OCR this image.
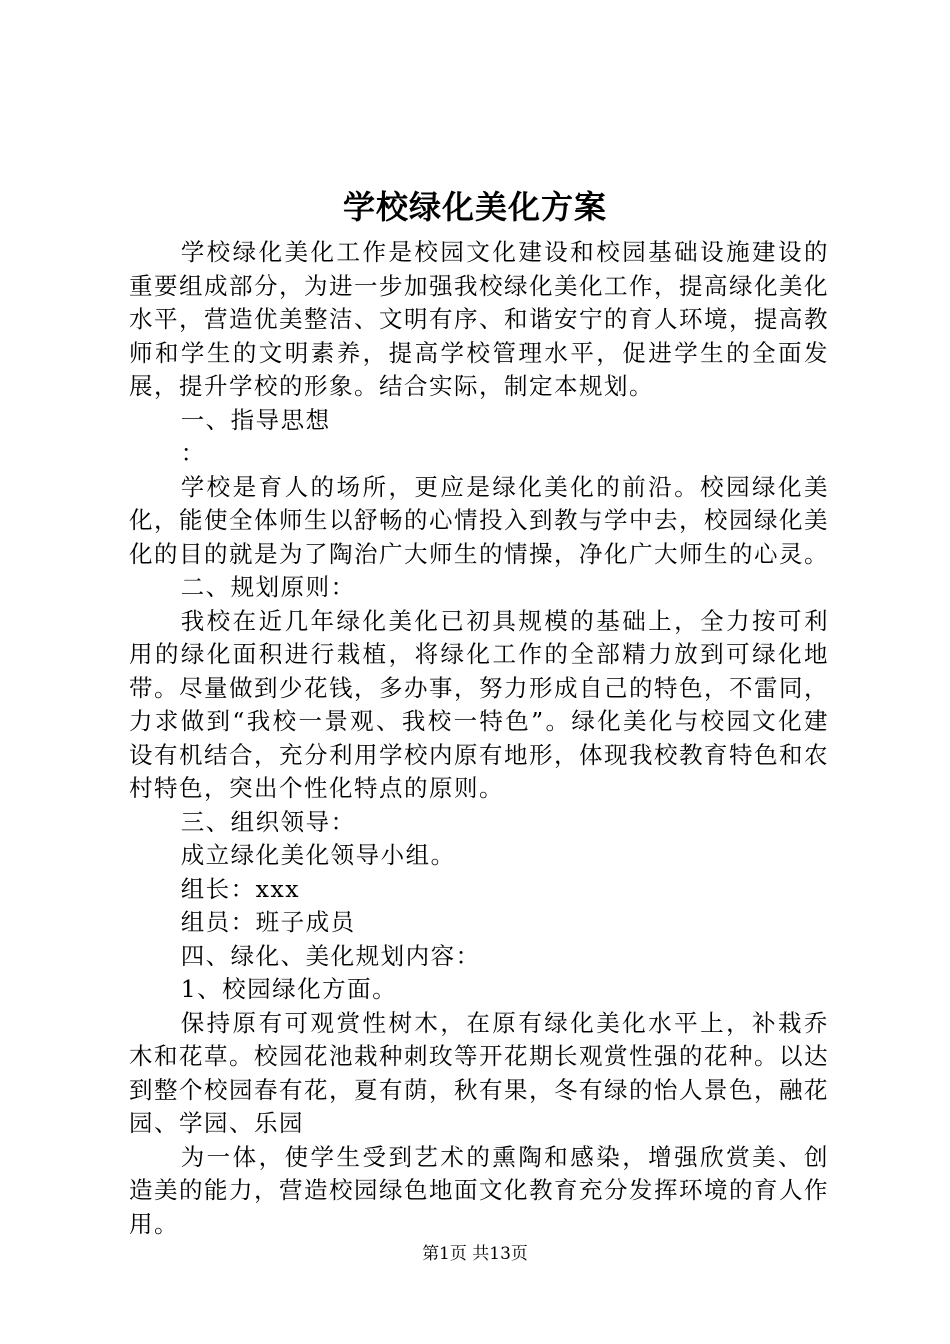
学校绿化美化方案

学校绿化美化工作是校园文化建设和校园基础设施建设的重要组成部分，为进一步加强我校绿化美化工作，提高绿化美化水平，营造优美整洁、文明有序、和谐安宁的育人环境，提高教师和学生的文明素养，提高学校管理水平，促进学生的全面发展，提升学校的形象。结合实际，制定本规划。

一、指导思想

：

学校是育人的场所，更应是绿化美化的前沿。校园绿化美化，能使全体师生以舒畅的心情投入到教与学中去，校园绿化美化的目的就是为了陶治广大师生的情操，净化广大师生的心灵。

二、规划原则：

我校在近几年绿化美化已初具规模的基础上，全力按可利用的绿化面积进行栽植，将绿化工作的全部精力放到可绿化地带。尽量做到少花钱，多办事，努力形成自己的特色，不雷同，力求做到“我校一景观、我校一特色”。绿化美化与校园文化建设有机结合，充分利用学校内原有地形，体现我校教育特色和农村特色，突出个性化特点的原则。

三、组织领导：

成立绿化美化领导小组。

组长：xxx

组员：班子成员

四、绿化、美化规划内容：

1、校园绿化方面。

保持原有可观赏性树木，在原有绿化美化水平上，补栽乔木和花草。校园花池栽种刺玫等开花期长观赏性强的花种。以达到整个校园春有花，夏有荫，秋有果，冬有绿的怡人景色，融花园、学园、乐园

为一体，使学生受到艺术的熏陶和感染，增强欣赏美、创造美的能力，营造校园绿色地面文化教育充分发挥环境的育人作用。

第1页 共13页
